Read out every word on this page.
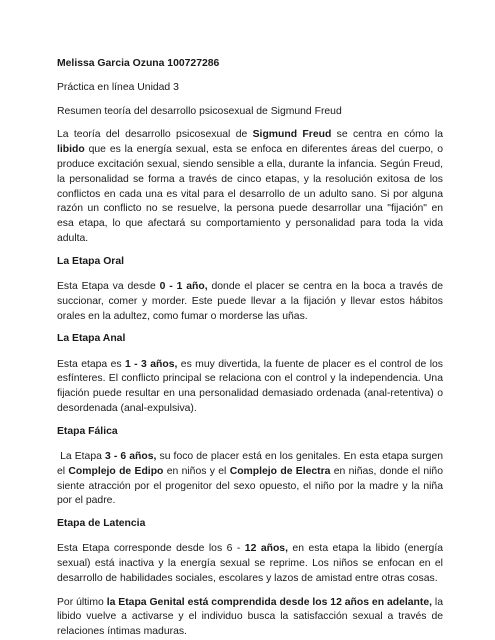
Melissa Garcia Ozuna 100727286

Práctica en línea Unidad 3

Resumen teoría del desarrollo psicosexual de Sigmund Freud

La teoría del desarrollo psicosexual de Sigmund Freud se centra en cómo la libido que es la energía sexual, esta se enfoca en diferentes áreas del cuerpo, o produce excitación sexual, siendo sensible a ella, durante la infancia. Según Freud, la personalidad se forma a través de cinco etapas, y la resolución exitosa de los conflictos en cada una es vital para el desarrollo de un adulto sano. Si por alguna razón un conflicto no se resuelve, la persona puede desarrollar una "fijación" en esa etapa, lo que afectará su comportamiento y personalidad para toda la vida adulta.

La Etapa Oral

Esta Etapa va desde 0 - 1 año, donde el placer se centra en la boca a través de succionar, comer y morder. Este puede llevar a la fijación y llevar estos hábitos orales en la adultez, como fumar o morderse las uñas.

La Etapa Anal

Esta etapa es 1 - 3 años, es muy divertida, la fuente de placer es el control de los esfínteres. El conflicto principal se relaciona con el control y la independencia. Una fijación puede resultar en una personalidad demasiado ordenada (anal-retentiva) o desordenada (anal-expulsiva).

Etapa Fálica

La Etapa 3 - 6 años, su foco de placer está en los genitales. En esta etapa surgen el Complejo de Edipo en niños y el Complejo de Electra en niñas, donde el niño siente atracción por el progenitor del sexo opuesto, el niño por la madre y la niña por el padre.

Etapa de Latencia

Esta Etapa corresponde desde los 6 - 12 años, en esta etapa la libido (energía sexual) está inactiva y la energía sexual se reprime. Los niños se enfocan en el desarrollo de habilidades sociales, escolares y lazos de amistad entre otras cosas.

Por último la Etapa Genital está comprendida desde los 12 años en adelante, la libido vuelve a activarse y el individuo busca la satisfacción sexual a través de relaciones íntimas maduras.
